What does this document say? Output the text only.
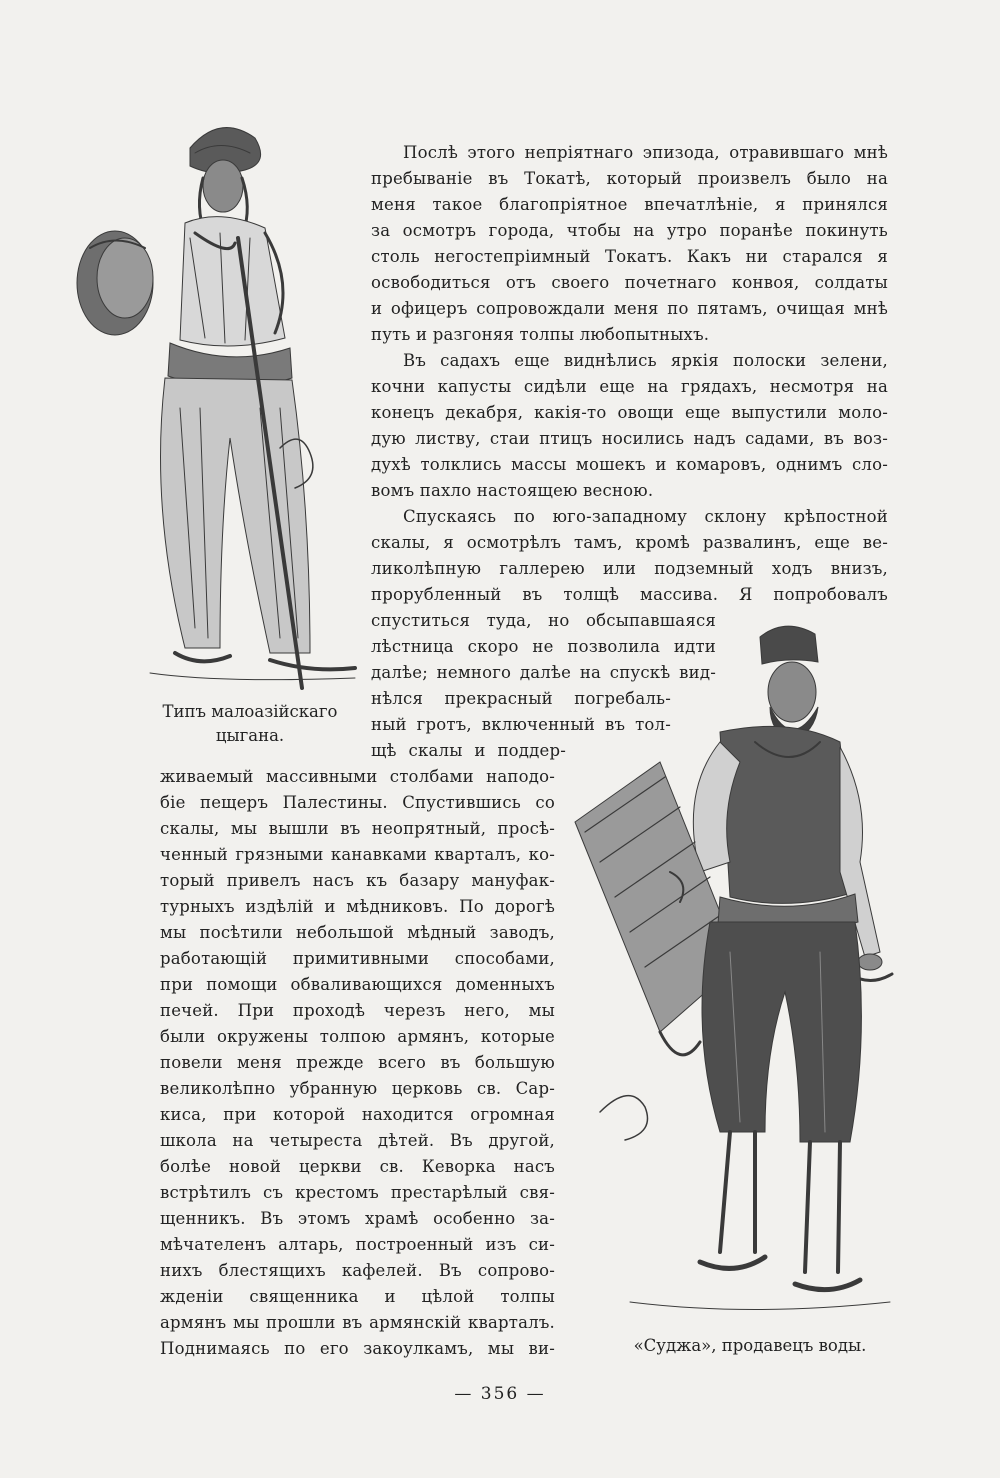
Типъ малоазійскаго
цыгана.

«Суджа», продавецъ воды.

Послѣ этого непріятнаго эпизода, отравившаго мнѣ

пребываніе въ Токатѣ, который произвелъ было на

меня такое благопріятное впечатлѣніе, я принялся

за осмотръ города, чтобы на утро поранѣе покинуть

столь негостепріимный Токатъ. Какъ ни старался я

освободиться отъ своего почетнаго конвоя, солдаты

и офицеръ сопровождали меня по пятамъ, очищая мнѣ

путь и разгоняя толпы любопытныхъ.

Въ садахъ еще виднѣлись яркія полоски зелени,

кочни капусты сидѣли еще на грядахъ, несмотря на

конецъ декабря, какія-то овощи еще выпустили моло-

дую листву, стаи птицъ носились надъ садами, въ воз-

духѣ толклись массы мошекъ и комаровъ, однимъ сло-

вомъ пахло настоящею весною.

Спускаясь по юго-западному склону крѣпостной

скалы, я осмотрѣлъ тамъ, кромѣ развалинъ, еще ве-

ликолѣпную галлерею или подземный ходъ внизъ,

прорубленный въ толщѣ массива. Я попробовалъ

спуститься туда, но обсыпавшаяся

лѣстница скоро не позволила идти

далѣе; немного далѣе на спускѣ вид-

нѣлся прекрасный погребаль-

ный гротъ, включенный въ тол-

щѣ скалы и поддер-

живаемый массивными столбами наподо-

біе пещеръ Палестины. Спустившись со

скалы, мы вышли въ неопрятный, просѣ-

ченный грязными канавками кварталъ, ко-

торый привелъ насъ къ базару мануфак-

турныхъ издѣлій и мѣдниковъ. По дорогѣ

мы посѣтили небольшой мѣдный заводъ,

работающій примитивными способами,

при помощи обваливающихся доменныхъ

печей. При проходѣ черезъ него, мы

были окружены толпою армянъ, которые

повели меня прежде всего въ большую

великолѣпно убранную церковь св. Сар-

киса, при которой находится огромная

школа на четыреста дѣтей. Въ другой,

болѣе новой церкви св. Кеворка насъ

встрѣтилъ съ крестомъ престарѣлый свя-

щенникъ. Въ этомъ храмѣ особенно за-

мѣчателенъ алтарь, построенный изъ си-

нихъ блестящихъ кафелей. Въ сопрово-

жденіи священника и цѣлой толпы

армянъ мы прошли въ армянскій кварталъ.

Поднимаясь по его закоулкамъ, мы ви-

— 356 —
